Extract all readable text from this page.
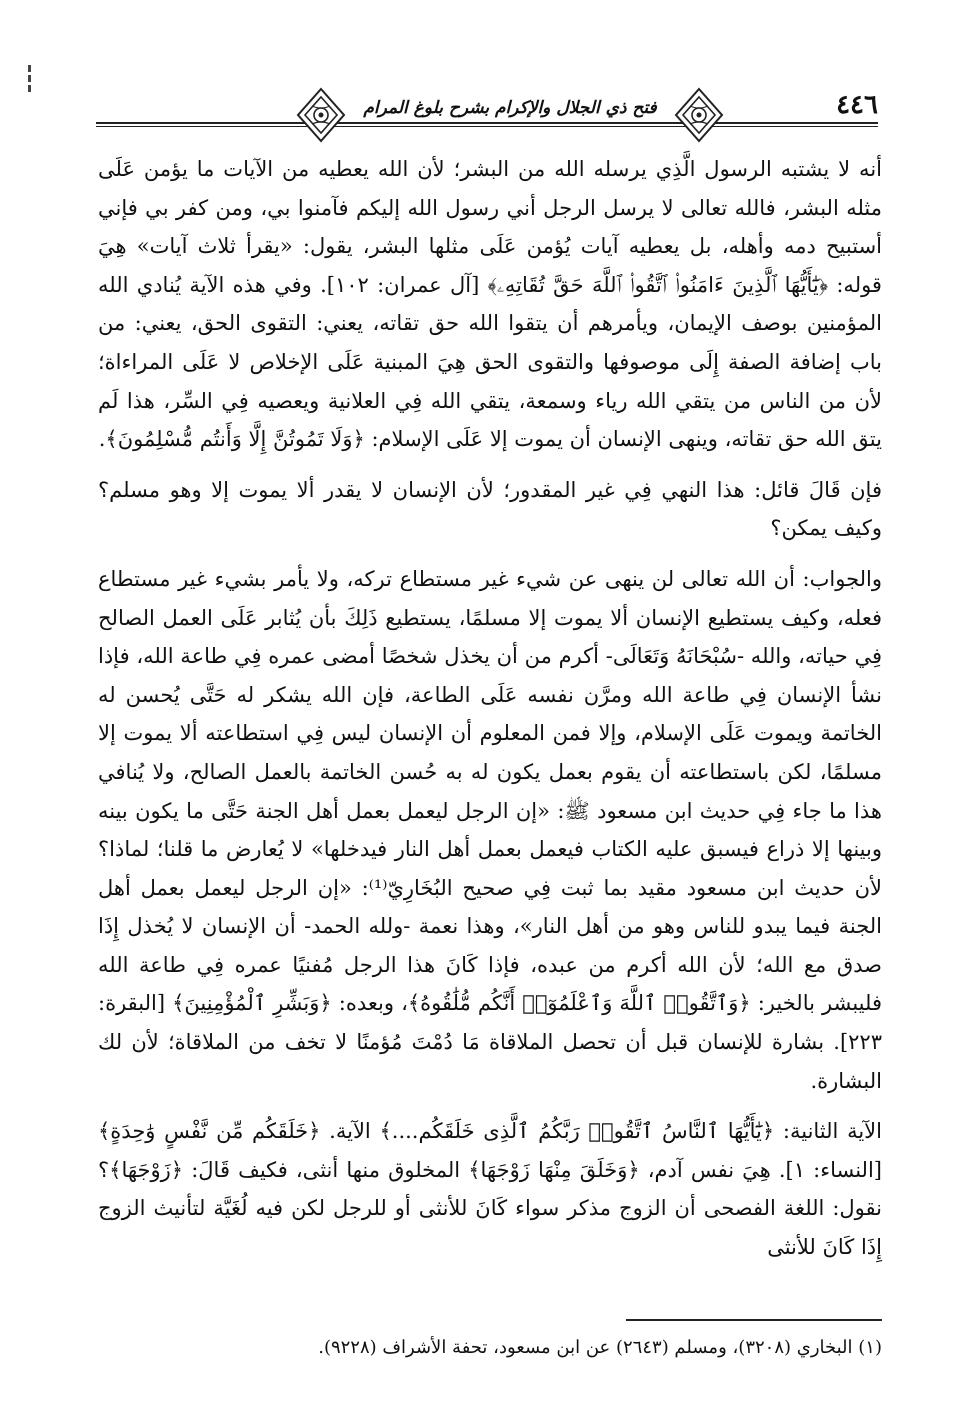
فتح ذي الجلال والإكرام بشرح بلوغ المرام	٤٤٦

أنه لا يشتبه الرسول الَّذِي يرسله الله من البشر؛ لأن الله يعطيه من الآيات ما يؤمن عَلَى مثله البشر، فالله تعالى لا يرسل الرجل أني رسول الله إليكم فآمنوا بي، ومن كفر بي فإني أستبيح دمه وأهله، بل يعطيه آيات يُؤمن عَلَى مثلها البشر، يقول: «يقرأ ثلاث آيات» هِيَ قوله: ﴿يَٰٓأَيُّهَا ٱلَّذِينَ ءَامَنُوا۟ ٱتَّقُوا۟ ٱللَّهَ حَقَّ تُقَاتِهِۦ﴾ [آل عمران: ١٠٢]. وفي هذه الآية يُنادي الله المؤمنين بوصف الإيمان، ويأمرهم أن يتقوا الله حق تقاته، يعني: التقوى الحق، يعني: من باب إضافة الصفة إِلَى موصوفها والتقوى الحق هِيَ المبنية عَلَى الإخلاص لا عَلَى المراءاة؛ لأن من الناس من يتقي الله رياء وسمعة، يتقي الله فِي العلانية ويعصيه فِي السِّر، هذا لَم يتق الله حق تقاته، وينهى الإنسان أن يموت إلا عَلَى الإسلام: ﴿وَلَا تَمُوتُنَّ إِلَّا وَأَنتُم مُّسْلِمُونَ﴾.

فإن قَالَ قائل: هذا النهي فِي غير المقدور؛ لأن الإنسان لا يقدر ألا يموت إلا وهو مسلم؟ وكيف يمكن؟

والجواب: أن الله تعالى لن ينهى عن شيء غير مستطاع تركه، ولا يأمر بشيء غير مستطاع فعله، وكيف يستطيع الإنسان ألا يموت إلا مسلمًا، يستطيع ذَلِكَ بأن يُثابر عَلَى العمل الصالح فِي حياته، والله -سُبْحَانَهُ وَتَعَالَى- أكرم من أن يخذل شخصًا أمضى عمره فِي طاعة الله، فإذا نشأ الإنسان فِي طاعة الله ومرَّن نفسه عَلَى الطاعة، فإن الله يشكر له حَتَّى يُحسن له الخاتمة ويموت عَلَى الإسلام، وإلا فمن المعلوم أن الإنسان ليس فِي استطاعته ألا يموت إلا مسلمًا، لكن باستطاعته أن يقوم بعمل يكون له به حُسن الخاتمة بالعمل الصالح، ولا يُنافي هذا ما جاء فِي حديث ابن مسعود ﷺ: «إن الرجل ليعمل بعمل أهل الجنة حَتَّى ما يكون بينه وبينها إلا ذراع فيسبق عليه الكتاب فيعمل بعمل أهل النار فيدخلها» لا يُعارض ما قلنا؛ لماذا؟ لأن حديث ابن مسعود مقيد بما ثبت فِي صحيح البُخَارِيّ⁽¹⁾: «إن الرجل ليعمل بعمل أهل الجنة فيما يبدو للناس وهو من أهل النار»، وهذا نعمة -ولله الحمد- أن الإنسان لا يُخذل إِذَا صدق مع الله؛ لأن الله أكرم من عبده، فإذا كَانَ هذا الرجل مُفنيًا عمره فِي طاعة الله فليبشر بالخير: ﴿وَٱتَّقُوا۟ ٱللَّهَ وَٱعْلَمُوٓا۟ أَنَّكُم مُّلَٰقُوهُ﴾، وبعده: ﴿وَبَشِّرِ ٱلْمُؤْمِنِينَ﴾ [البقرة: ٢٢٣]. بشارة للإنسان قبل أن تحصل الملاقاة مَا دُمْتَ مُؤمنًا لا تخف من الملاقاة؛ لأن لك البشارة.

الآية الثانية: ﴿يَٰٓأَيُّهَا ٱلنَّاسُ ٱتَّقُوا۟ رَبَّكُمُ ٱلَّذِى خَلَقَكُم....﴾ الآية. ﴿خَلَقَكُم مِّن نَّفْسٍ وَٰحِدَةٍ﴾ [النساء: ١]. هِيَ نفس آدم، ﴿وَخَلَقَ مِنْهَا زَوْجَهَا﴾ المخلوق منها أنثى، فكيف قَالَ: ﴿زَوْجَهَا﴾؟ نقول: اللغة الفصحى أن الزوج مذكر سواء كَانَ للأنثى أو للرجل لكن فيه لُغَيَّة لتأنيث الزوج إِذَا كَانَ للأنثى

(١) البخاري (٣٢٠٨)، ومسلم (٢٦٤٣) عن ابن مسعود، تحفة الأشراف (٩٢٢٨).
